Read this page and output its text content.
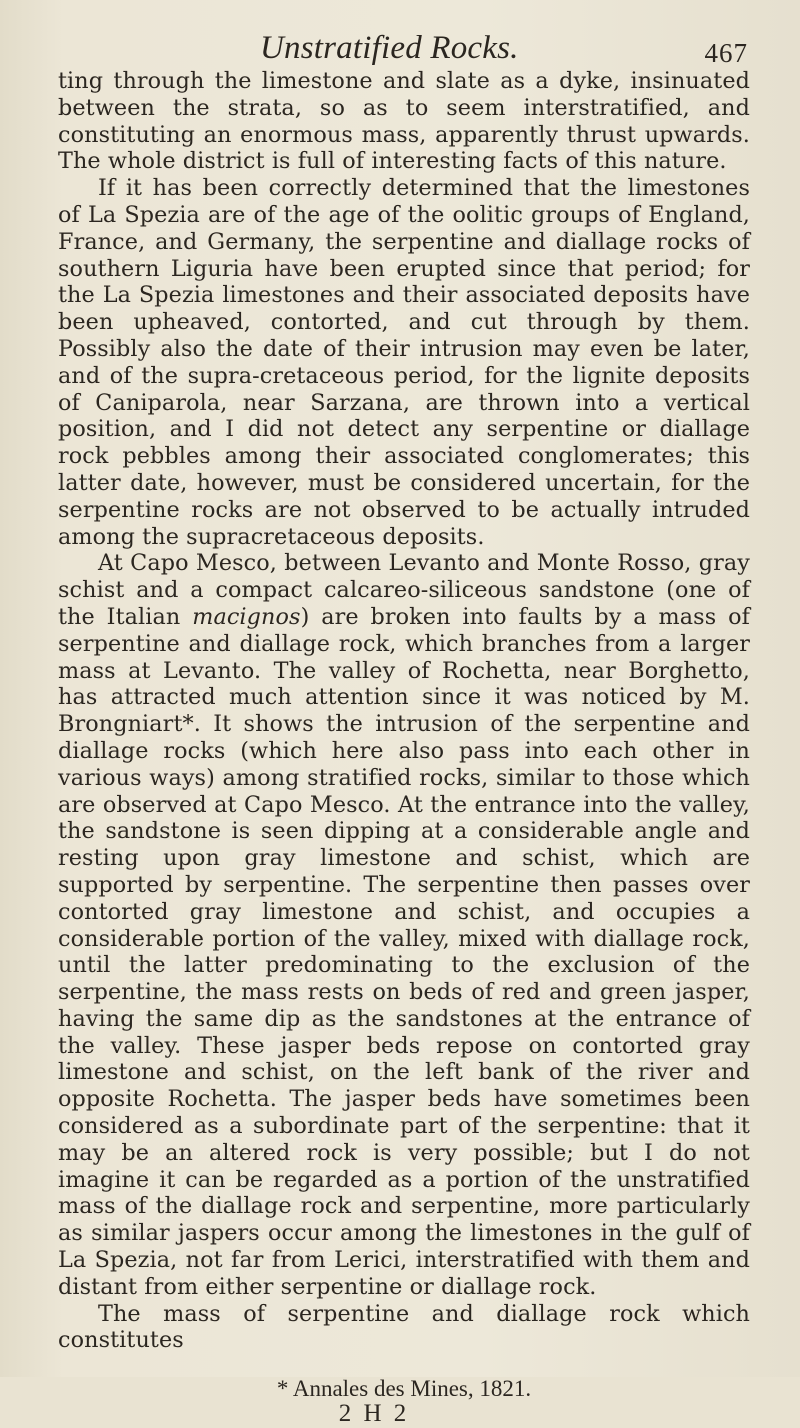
Unstratified Rocks.	467

ting through the limestone and slate as a dyke, insinuated between the strata, so as to seem interstratified, and constituting an enormous mass, apparently thrust upwards. The whole district is full of interesting facts of this nature.

If it has been correctly determined that the limestones of La Spezia are of the age of the oolitic groups of England, France, and Germany, the serpentine and diallage rocks of southern Liguria have been erupted since that period; for the La Spezia limestones and their associated deposits have been upheaved, contorted, and cut through by them. Possibly also the date of their intrusion may even be later, and of the supra-cretaceous period, for the lignite deposits of Caniparola, near Sarzana, are thrown into a vertical position, and I did not detect any serpentine or diallage rock pebbles among their associated conglomerates; this latter date, however, must be considered uncertain, for the serpentine rocks are not observed to be actually intruded among the supracretaceous deposits.

At Capo Mesco, between Levanto and Monte Rosso, gray schist and a compact calcareo-siliceous sandstone (one of the Italian macignos) are broken into faults by a mass of serpentine and diallage rock, which branches from a larger mass at Levanto. The valley of Rochetta, near Borghetto, has attracted much attention since it was noticed by M. Brongniart*. It shows the intrusion of the serpentine and diallage rocks (which here also pass into each other in various ways) among stratified rocks, similar to those which are observed at Capo Mesco. At the entrance into the valley, the sandstone is seen dipping at a considerable angle and resting upon gray limestone and schist, which are supported by serpentine. The serpentine then passes over contorted gray limestone and schist, and occupies a considerable portion of the valley, mixed with diallage rock, until the latter predominating to the exclusion of the serpentine, the mass rests on beds of red and green jasper, having the same dip as the sandstones at the entrance of the valley. These jasper beds repose on contorted gray limestone and schist, on the left bank of the river and opposite Rochetta. The jasper beds have sometimes been considered as a subordinate part of the serpentine: that it may be an altered rock is very possible; but I do not imagine it can be regarded as a portion of the unstratified mass of the diallage rock and serpentine, more particularly as similar jaspers occur among the limestones in the gulf of La Spezia, not far from Lerici, interstratified with them and distant from either serpentine or diallage rock.

The mass of serpentine and diallage rock which constitutes

* Annales des Mines, 1821.
2 H 2
